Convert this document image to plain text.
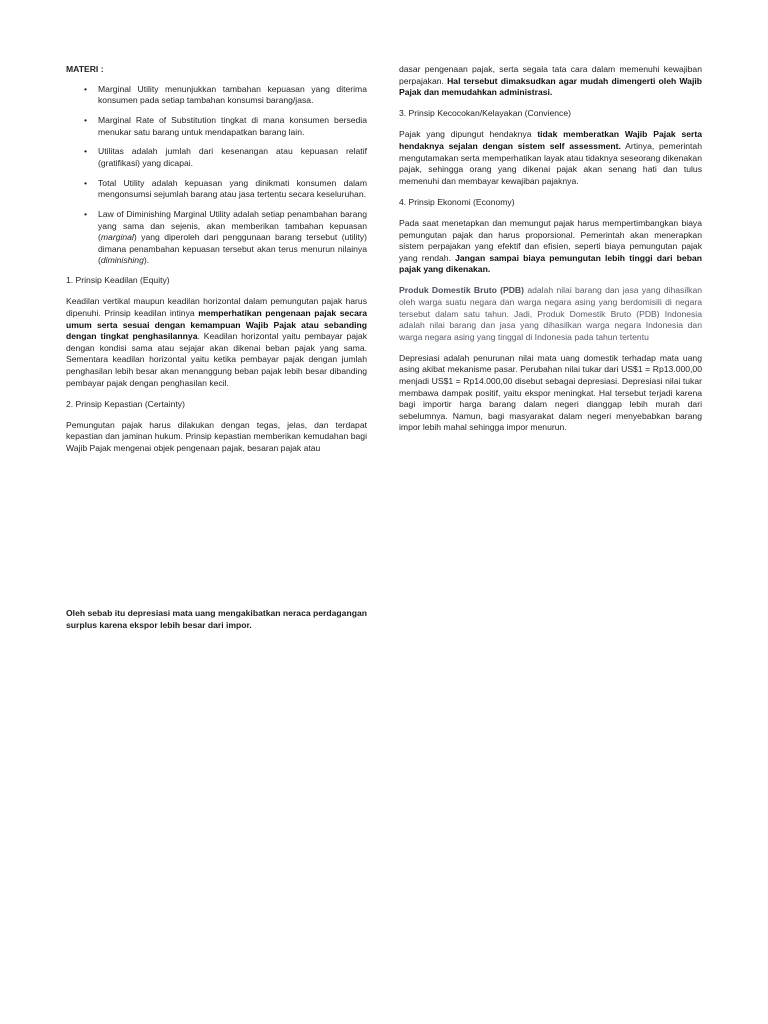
MATERI :

• Marginal Utility menunjukkan tambahan kepuasan yang diterima konsumen pada setiap tambahan konsumsi barang/jasa.
• Marginal Rate of Substitution tingkat di mana konsumen bersedia menukar satu barang untuk mendapatkan barang lain.
• Utilitas adalah jumlah dari kesenangan atau kepuasan relatif (gratifikasi) yang dicapai.
• Total Utility adalah kepuasan yang dinikmati konsumen dalam mengonsumsi sejumlah barang atau jasa tertentu secara keseluruhan.
• Law of Diminishing Marginal Utility adalah setiap penambahan barang yang sama dan sejenis, akan memberikan tambahan kepuasan (marginal) yang diperoleh dari penggunaan barang tersebut (utility) dimana penambahan kepuasan tersebut akan terus menurun nilainya (diminishing).

1. Prinsip Keadilan (Equity)

Keadilan vertikal maupun keadilan horizontal dalam pemungutan pajak harus dipenuhi. Prinsip keadilan intinya memperhatikan pengenaan pajak secara umum serta sesuai dengan kemampuan Wajib Pajak atau sebanding dengan tingkat penghasilannya. Keadilan horizontal yaitu pembayar pajak dengan kondisi sama atau sejajar akan dikenai beban pajak yang sama. Sementara keadilan horizontal yaitu ketika pembayar pajak dengan jumlah penghasilan lebih besar akan menanggung beban pajak lebih besar dibanding pembayar pajak dengan penghasilan kecil.

2. Prinsip Kepastian (Certainty)

Pemungutan pajak harus dilakukan dengan tegas, jelas, dan terdapat kepastian dan jaminan hukum. Prinsip kepastian memberikan kemudahan bagi Wajib Pajak mengenai objek pengenaan pajak, besaran pajak atau

Oleh sebab itu depresiasi mata uang mengakibatkan neraca perdagangan surplus karena ekspor lebih besar dari impor.

dasar pengenaan pajak, serta segala tata cara dalam memenuhi kewajiban perpajakan. Hal tersebut dimaksudkan agar mudah dimengerti oleh Wajib Pajak dan memudahkan administrasi.

3. Prinsip Kecocokan/Kelayakan (Convience)

Pajak yang dipungut hendaknya tidak memberatkan Wajib Pajak serta hendaknya sejalan dengan sistem self assessment. Artinya, pemerintah mengutamakan serta memperhatikan layak atau tidaknya seseorang dikenakan pajak, sehingga orang yang dikenai pajak akan senang hati dan tulus memenuhi dan membayar kewajiban pajaknya.

4. Prinsip Ekonomi (Economy)

Pada saat menetapkan dan memungut pajak harus mempertimbangkan biaya pemungutan pajak dan harus proporsional. Pemerintah akan menerapkan sistem perpajakan yang efektif dan efisien, seperti biaya pemungutan pajak yang rendah. Jangan sampai biaya pemungutan lebih tinggi dari beban pajak yang dikenakan.

Produk Domestik Bruto (PDB) adalah nilai barang dan jasa yang dihasilkan oleh warga suatu negara dan warga negara asing yang berdomisili di negara tersebut dalam satu tahun. Jadi, Produk Domestik Bruto (PDB) Indonesia adalah nilai barang dan jasa yang dihasilkan warga negara Indonesia dan warga negara asing yang tinggal di Indonesia pada tahun tertentu

Depresiasi adalah penurunan nilai mata uang domestik terhadap mata uang asing akibat mekanisme pasar. Perubahan nilai tukar dari US$1 = Rp13.000,00 menjadi US$1 = Rp14.000,00 disebut sebagai depresiasi. Depresiasi nilai tukar membawa dampak positif, yaitu ekspor meningkat. Hal tersebut terjadi karena bagi importir harga barang dalam negeri dianggap lebih murah dari sebelumnya. Namun, bagi masyarakat dalam negeri menyebabkan barang impor lebih mahal sehingga impor menurun.
